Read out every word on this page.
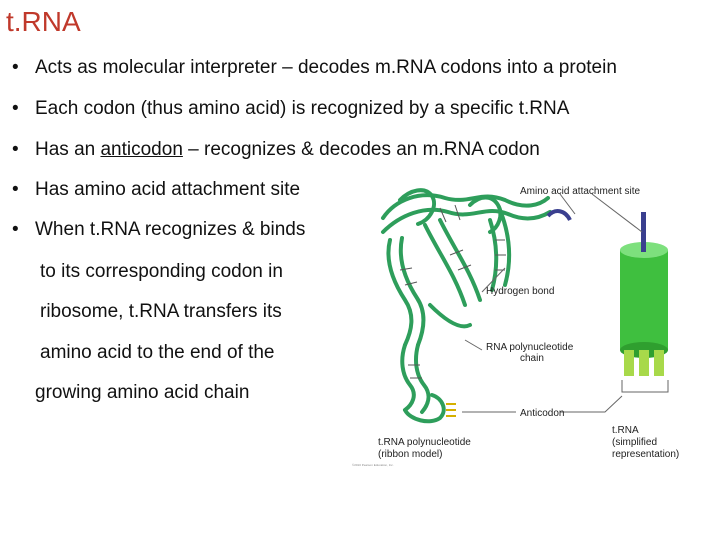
t.RNA
• Acts as molecular interpreter – decodes m.RNA codons into a protein
• Each codon (thus amino acid) is recognized by a specific t.RNA
• Has an anticodon – recognizes & decodes an m.RNA codon
• Has amino acid attachment site
• When t.RNA recognizes & binds
to its corresponding codon in
ribosome, t.RNA transfers its
amino acid to the end of the
growing amino acid chain
Amino acid attachment site
Hydrogen bond
RNA polynucleotide
chain
Anticodon
t.RNA polynucleotide
(ribbon model)
t.RNA
(simplified
representation)
©2010 Pearson Education, Inc.
